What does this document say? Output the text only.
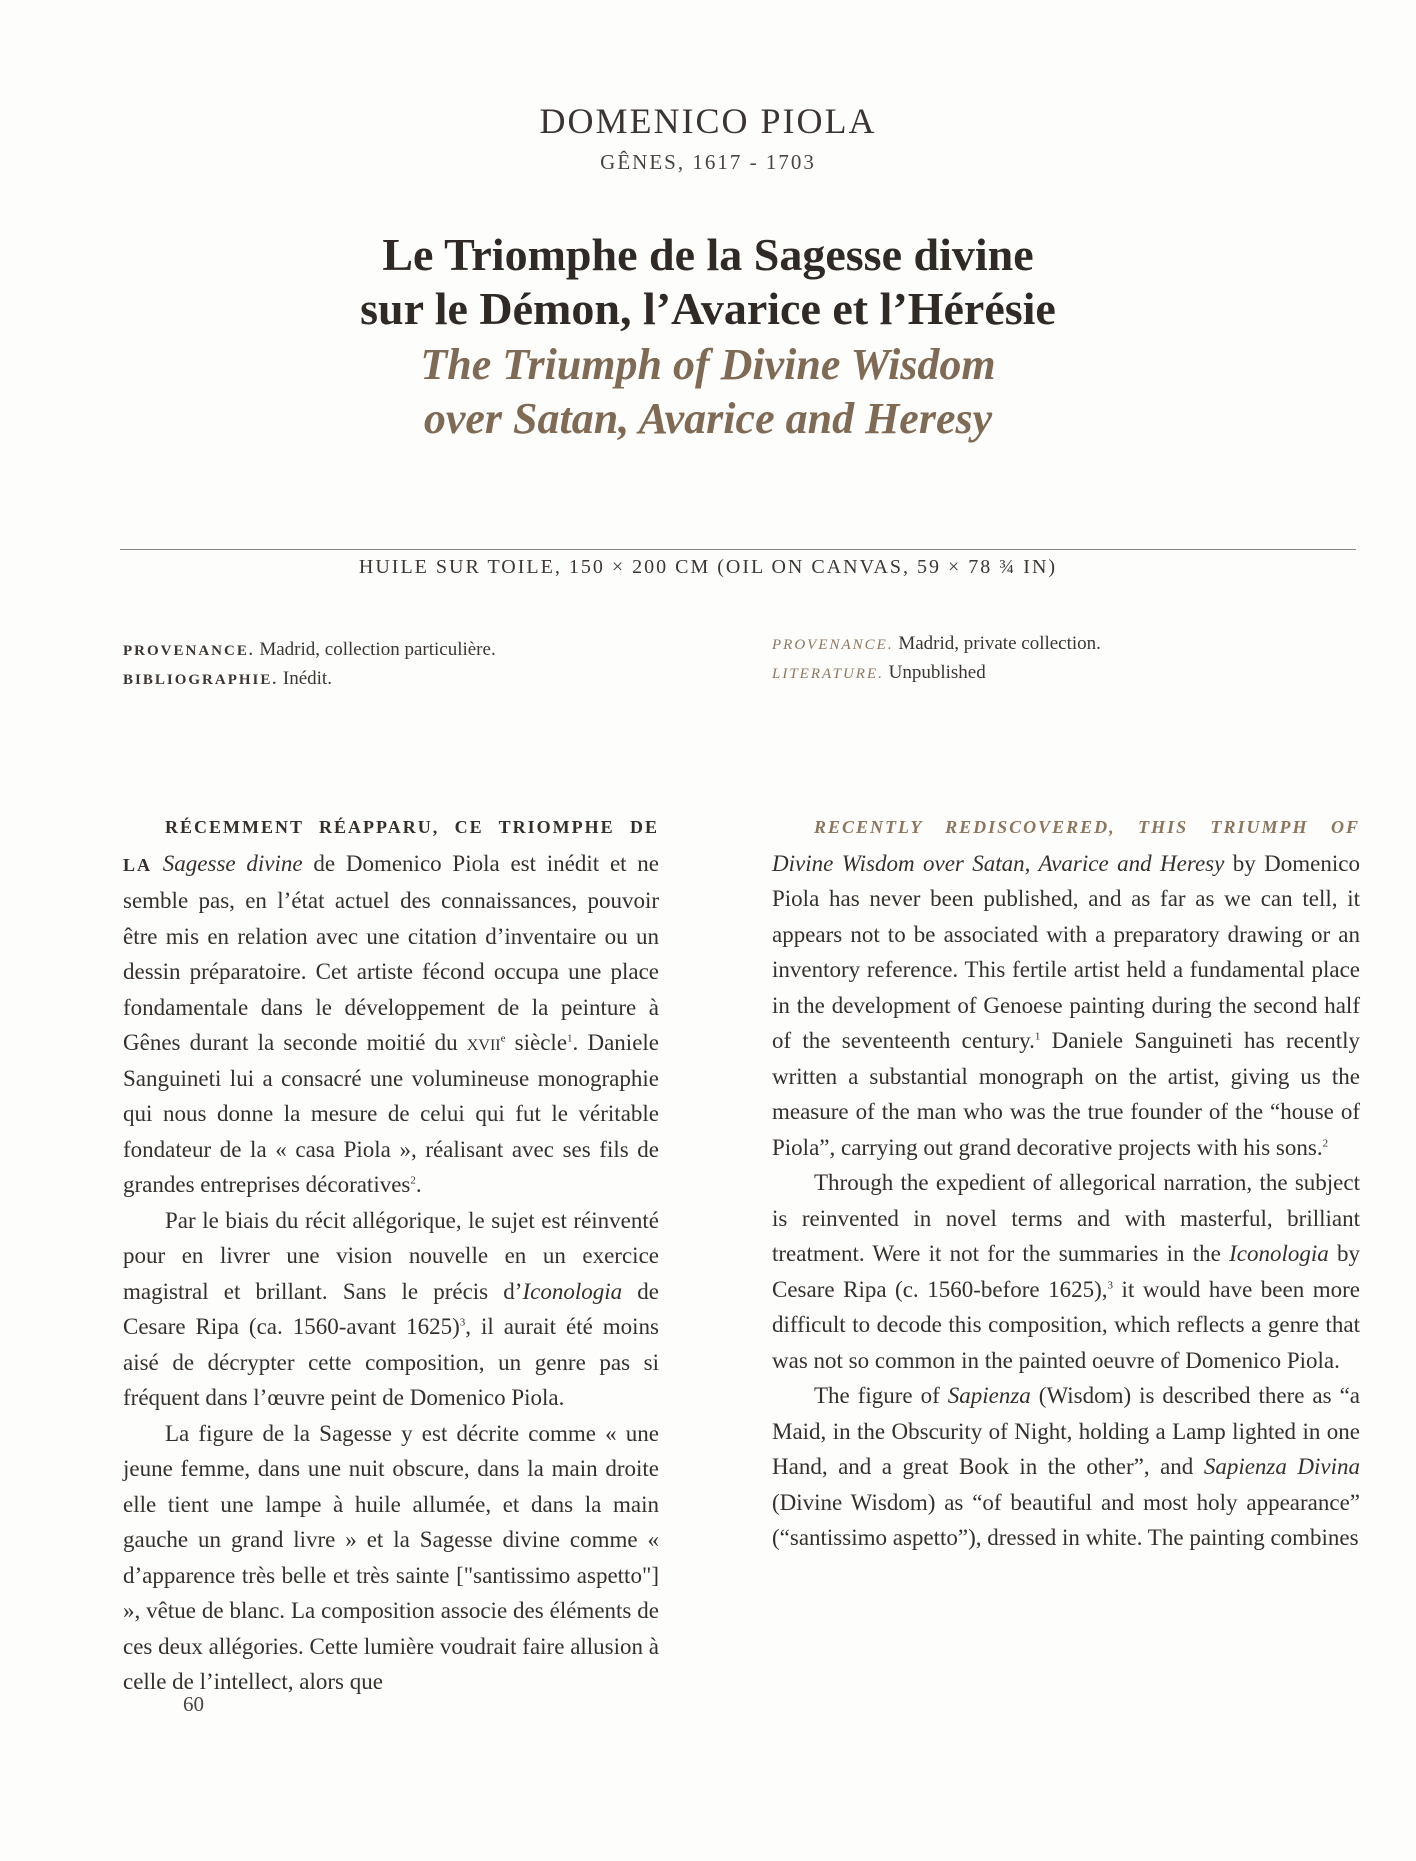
DOMENICO PIOLA
GÊNES, 1617 - 1703
Le Triomphe de la Sagesse divine
sur le Démon, l’Avarice et l’Hérésie
The Triumph of Divine Wisdom
over Satan, Avarice and Heresy
HUILE SUR TOILE, 150 × 200 CM (OIL ON CANVAS, 59 × 78 ¾ IN)
PROVENANCE. Madrid, collection particulière.
BIBLIOGRAPHIE. Inédit.
PROVENANCE. Madrid, private collection.
LITERATURE. Unpublished

RÉCEMMENT RÉAPPARU, CE TRIOMPHE DE LA Sagesse divine de Domenico Piola est inédit et ne semble pas, en l’état actuel des connaissances, pouvoir être mis en relation avec une citation d’inventaire ou un dessin préparatoire. Cet artiste fécond occupa une place fondamentale dans le développement de la peinture à Gênes durant la seconde moitié du xvii$^e$ siècle$^1$. Daniele Sanguineti lui a consacré une volumineuse monographie qui nous donne la mesure de celui qui fut le véritable fondateur de la « casa Piola », réalisant avec ses fils de grandes entreprises décoratives$^2$.

Par le biais du récit allégorique, le sujet est réinventé pour en livrer une vision nouvelle en un exercice magistral et brillant. Sans le précis d’Iconologia de Cesare Ripa (ca. 1560-avant 1625)$^3$, il aurait été moins aisé de décrypter cette composition, un genre pas si fréquent dans l’œuvre peint de Domenico Piola.

La figure de la Sagesse y est décrite comme « une jeune femme, dans une nuit obscure, dans la main droite elle tient une lampe à huile allumée, et dans la main gauche un grand livre » et la Sagesse divine comme « d’apparence très belle et très sainte ["santissimo aspetto"] », vêtue de blanc. La composition associe des éléments de ces deux allégories. Cette lumière voudrait faire allusion à celle de l’intellect, alors que

RECENTLY REDISCOVERED, THIS TRIUMPH OF Divine Wisdom over Satan, Avarice and Heresy by Domenico Piola has never been published, and as far as we can tell, it appears not to be associated with a preparatory drawing or an inventory reference. This fertile artist held a fundamental place in the development of Genoese painting during the second half of the seventeenth century.$^1$ Daniele Sanguineti has recently written a substantial monograph on the artist, giving us the measure of the man who was the true founder of the “house of Piola”, carrying out grand decorative projects with his sons.$^2$

Through the expedient of allegorical narration, the subject is reinvented in novel terms and with masterful, brilliant treatment. Were it not for the summaries in the Iconologia by Cesare Ripa (c. 1560-before 1625),$^3$ it would have been more difficult to decode this composition, which reflects a genre that was not so common in the painted oeuvre of Domenico Piola.

The figure of Sapienza (Wisdom) is described there as “a Maid, in the Obscurity of Night, holding a Lamp lighted in one Hand, and a great Book in the other”, and Sapienza Divina (Divine Wisdom) as “of beautiful and most holy appearance” (“santissimo aspetto”), dressed in white. The painting combines

60
